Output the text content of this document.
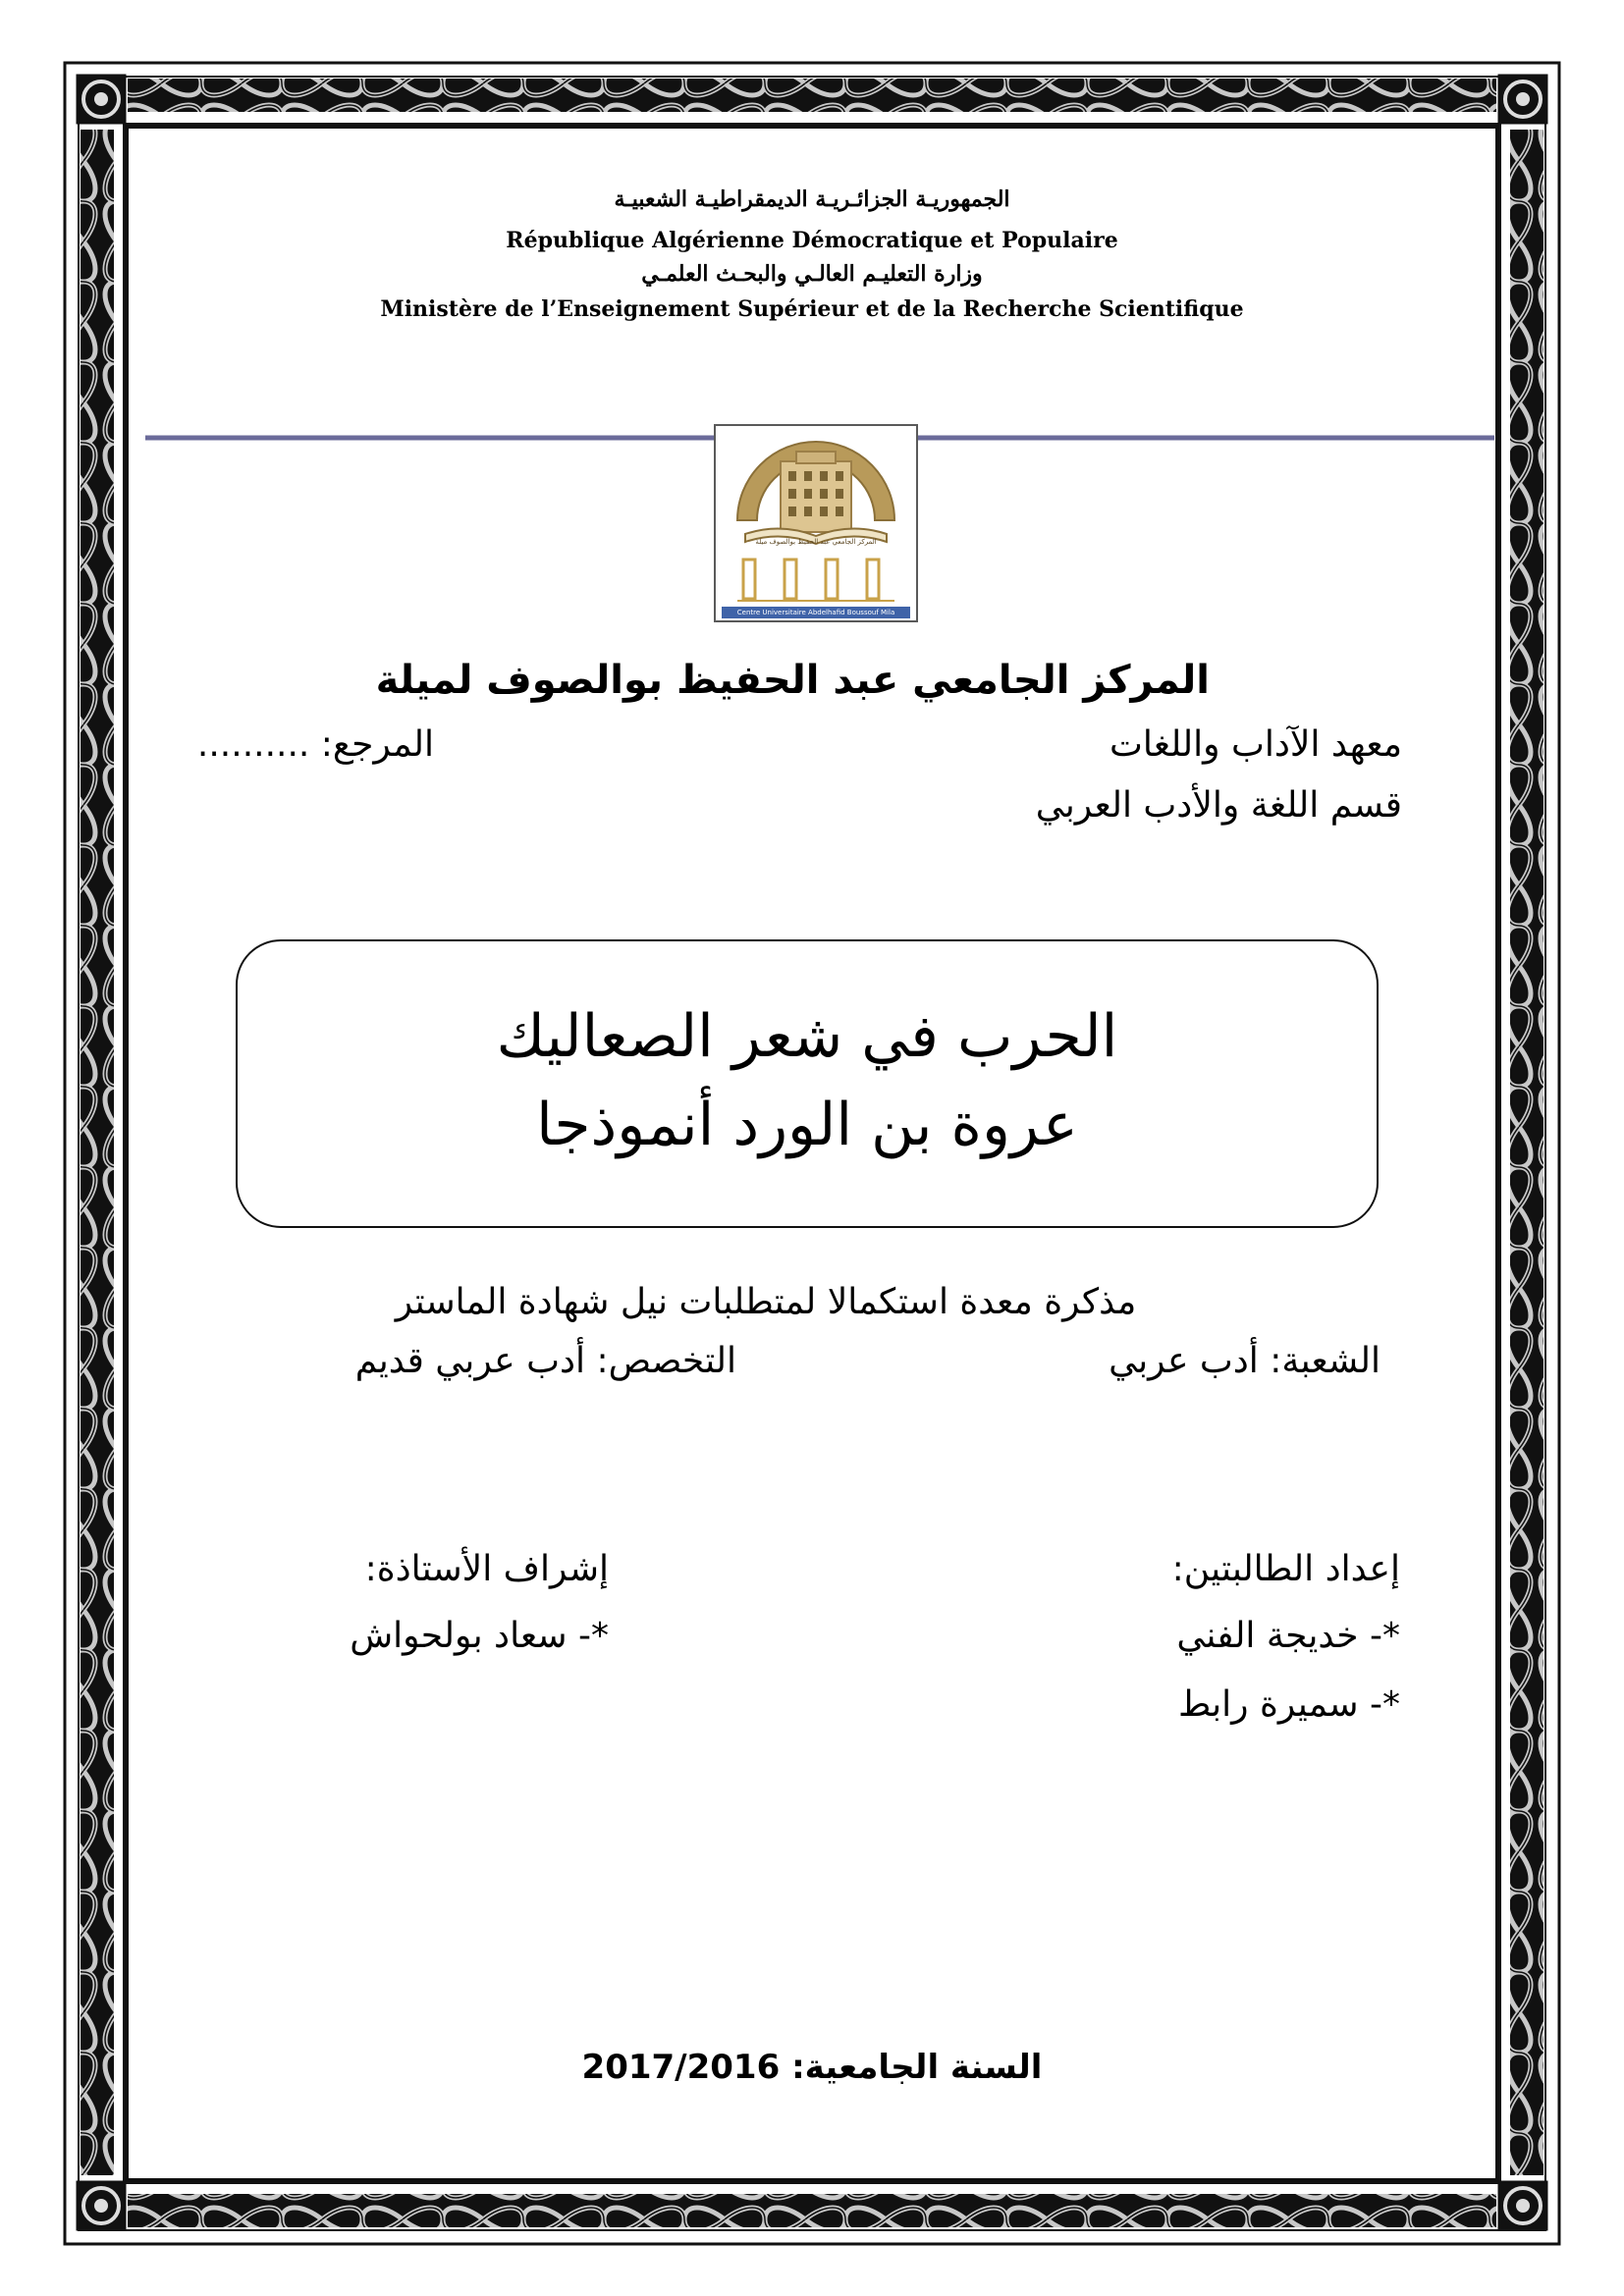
الجمهوريـة الجزائـريـة الديمقراطيـة الشعبيـة
République Algérienne Démocratique et Populaire
وزارة التعليـم العالـي والبحـث العلمـي
Ministère de l’Enseignement Supérieur et de la Recherche Scientifique
المركز الجامعي عبد الحفيظ بوالصوف ميلة
Centre Universitaire Abdelhafid Boussouf Mila
المركز الجامعي عبد الحفيظ بوالصوف لميلة
معهد الآداب واللغات
المرجع: ..........
قسم اللغة والأدب العربي
الحرب في شعر الصعاليك
عروة بن الورد أنموذجا
مذكرة معدة استكمالا لمتطلبات نيل شهادة الماستر
الشعبة: أدب عربي
التخصص: أدب عربي قديم
إعداد الطالبتين:
*- خديجة الفني
*- سميرة رابط
إشراف الأستاذة:
*- سعاد بولحواش
السنة الجامعية: 2017/2016
